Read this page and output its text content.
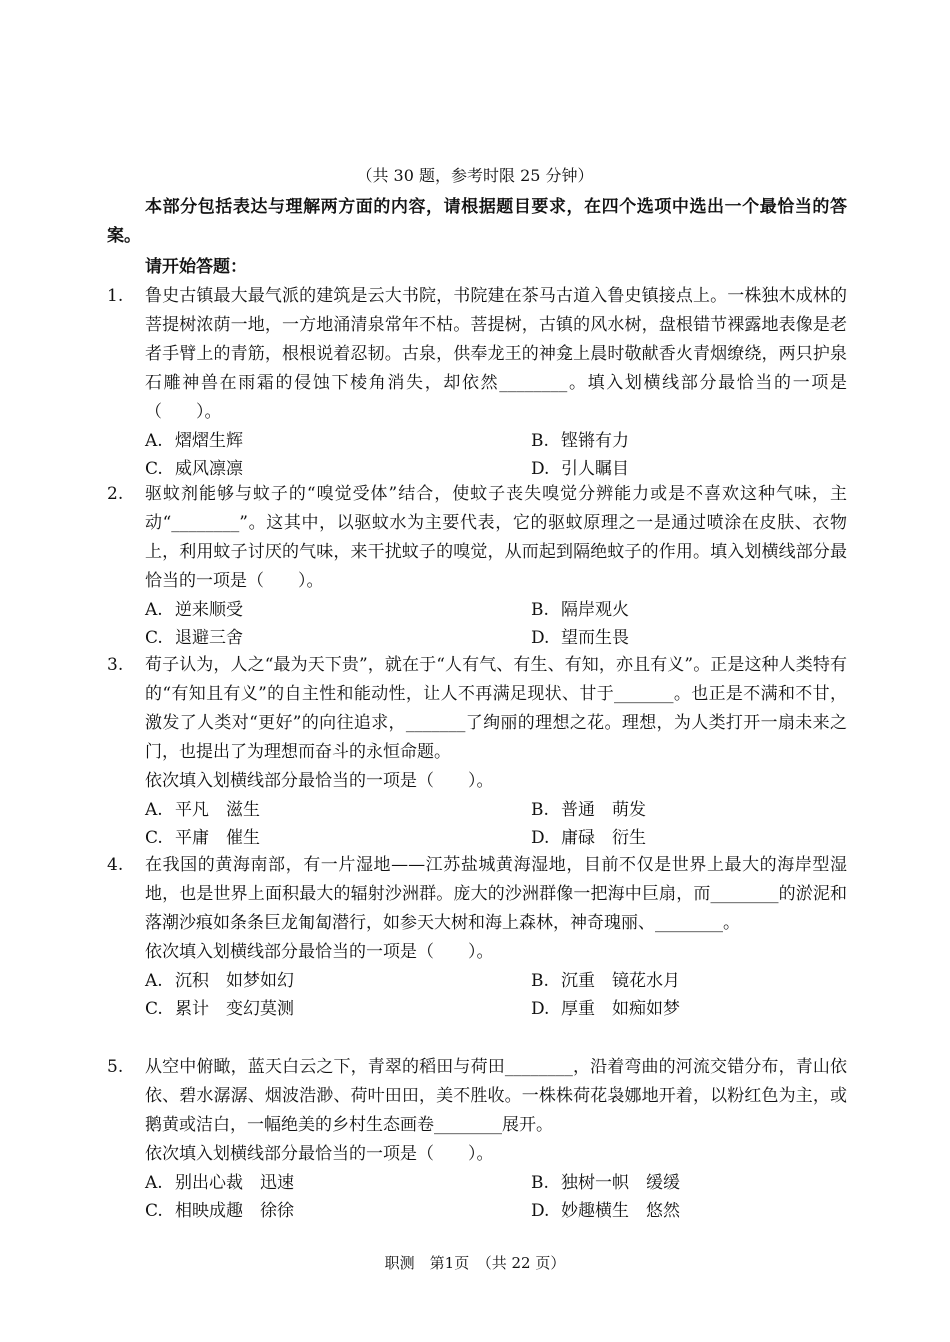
（共 30 题，参考时限 25 分钟）
本部分包括表达与理解两方面的内容，请根据题目要求，在四个选项中选出一个最恰当的答案。
请开始答题：
1.	鲁史古镇最大最气派的建筑是云大书院，书院建在茶马古道入鲁史镇接点上。一株独木成林的菩提树浓荫一地，一方地涌清泉常年不枯。菩提树，古镇的风水树，盘根错节裸露地表像是老者手臂上的青筋，根根说着忍韧。古泉，供奉龙王的神龛上晨时敬献香火青烟缭绕，两只护泉石雕神兽在雨霜的侵蚀下棱角消失，却依然________。填入划横线部分最恰当的一项是（　　）。

A. 熠熠生辉	B. 铿锵有力
C. 威风凛凛	D. 引人瞩目
2.	驱蚊剂能够与蚊子的“嗅觉受体”结合，使蚊子丧失嗅觉分辨能力或是不喜欢这种气味，主动“________”。这其中，以驱蚊水为主要代表，它的驱蚊原理之一是通过喷涂在皮肤、衣物上，利用蚊子讨厌的气味，来干扰蚊子的嗅觉，从而起到隔绝蚊子的作用。填入划横线部分最恰当的一项是（　　）。

A. 逆来顺受	B. 隔岸观火
C. 退避三舍	D. 望而生畏
3.	荀子认为，人之“最为天下贵”，就在于“人有气、有生、有知，亦且有义”。正是这种人类特有的“有知且有义”的自主性和能动性，让人不再满足现状、甘于_______。也正是不满和不甘，激发了人类对“更好”的向往追求，_______了绚丽的理想之花。理想，为人类打开一扇未来之门，也提出了为理想而奋斗的永恒命题。

依次填入划横线部分最恰当的一项是（　　）。

A. 平凡　滋生	B. 普通　萌发
C. 平庸　催生	D. 庸碌　衍生
4.	在我国的黄海南部，有一片湿地——江苏盐城黄海湿地，目前不仅是世界上最大的海岸型湿地，也是世界上面积最大的辐射沙洲群。庞大的沙洲群像一把海中巨扇，而________的淤泥和落潮沙痕如条条巨龙匍匐潜行，如参天大树和海上森林，神奇瑰丽、________。

依次填入划横线部分最恰当的一项是（　　）。

A. 沉积　如梦如幻	B. 沉重　镜花水月
C. 累计　变幻莫测	D. 厚重　如痴如梦
5.	从空中俯瞰，蓝天白云之下，青翠的稻田与荷田________，沿着弯曲的河流交错分布，青山依依、碧水潺潺、烟波浩渺、荷叶田田，美不胜收。一株株荷花袅娜地开着，以粉红色为主，或鹅黄或洁白，一幅绝美的乡村生态画卷________展开。

依次填入划横线部分最恰当的一项是（　　）。

A. 别出心裁　迅速	B. 独树一帜　缓缓
C. 相映成趣　徐徐	D. 妙趣横生　悠然
职测　第1页　（共 22 页）
